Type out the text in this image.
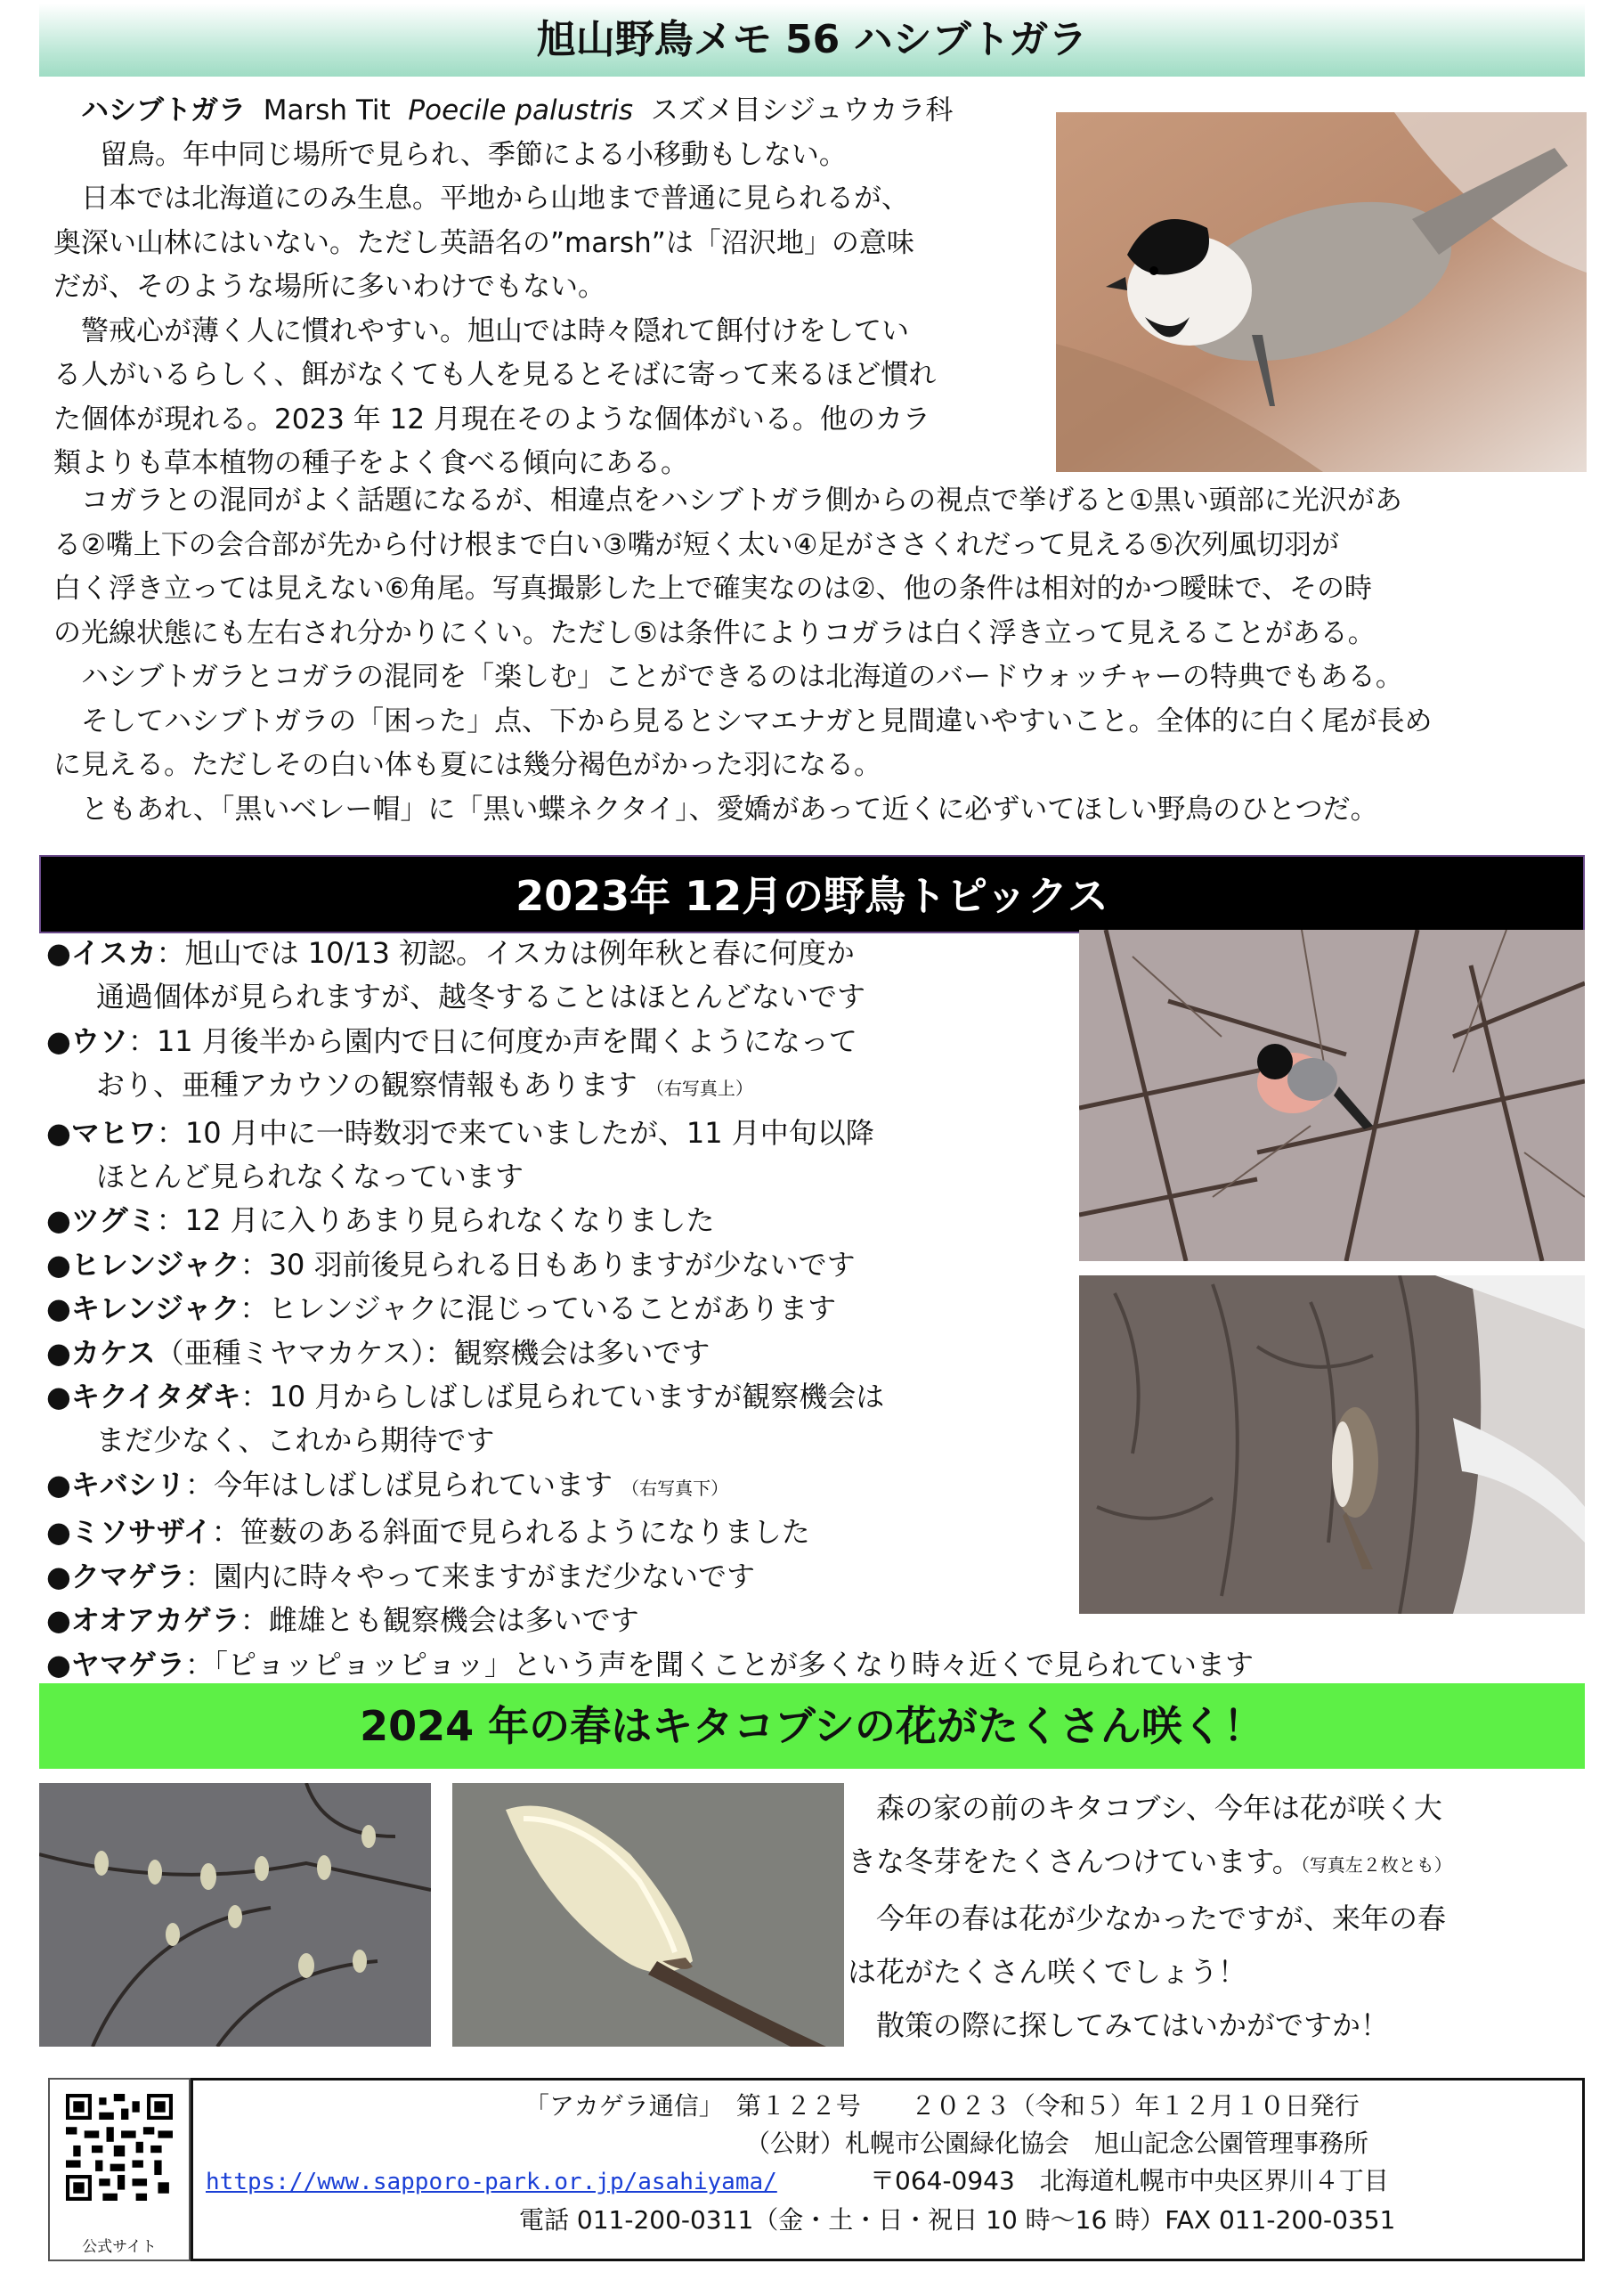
旭山野鳥メモ 56 ハシブトガラ

　ハシブトガラ Marsh Tit Poecile palustris スズメ目シジュウカラ科

留鳥。年中同じ場所で見られ、季節による小移動もしない。

　日本では北海道にのみ生息。平地から山地まで普通に見られるが、

奥深い山林にはいない。ただし英語名の”marsh”は「沼沢地」の意味

だが、そのような場所に多いわけでもない。

　警戒心が薄く人に慣れやすい。旭山では時々隠れて餌付けをしてい

る人がいるらしく、餌がなくても人を見るとそばに寄って来るほど慣れ

た個体が現れる。2023 年 12 月現在そのような個体がいる。他のカラ

類よりも草本植物の種子をよく食べる傾向にある。

　コガラとの混同がよく話題になるが、相違点をハシブトガラ側からの視点で挙げると①黒い頭部に光沢があ

る②嘴上下の会合部が先から付け根まで白い③嘴が短く太い④足がささくれだって見える⑤次列風切羽が

白く浮き立っては見えない⑥角尾。写真撮影した上で確実なのは②、他の条件は相対的かつ曖昧で、その時

の光線状態にも左右され分かりにくい。ただし⑤は条件によりコガラは白く浮き立って見えることがある。

　ハシブトガラとコガラの混同を「楽しむ」ことができるのは北海道のバードウォッチャーの特典でもある。

　そしてハシブトガラの「困った」点、下から見るとシマエナガと見間違いやすいこと。全体的に白く尾が長め

に見える。ただしその白い体も夏には幾分褐色がかった羽になる。

　ともあれ、「黒いベレー帽」に「黒い蝶ネクタイ」、愛嬌があって近くに必ずいてほしい野鳥のひとつだ。

2023年 12月の野鳥トピックス
●イスカ：旭山では 10/13 初認。イスカは例年秋と春に何度か
通過個体が見られますが、越冬することはほとんどないです
●ウソ：11 月後半から園内で日に何度か声を聞くようになって
おり、亜種アカウソの観察情報もあります （右写真上）
●マヒワ：10 月中に一時数羽で来ていましたが、11 月中旬以降
ほとんど見られなくなっています
●ツグミ：12 月に入りあまり見られなくなりました
●ヒレンジャク：30 羽前後見られる日もありますが少ないです
●キレンジャク：ヒレンジャクに混じっていることがあります
●カケス（亜種ミヤマカケス）：観察機会は多いです
●キクイタダキ：10 月からしばしば見られていますが観察機会は
まだ少なく、これから期待です
●キバシリ：今年はしばしば見られています （右写真下）
●ミソサザイ：笹薮のある斜面で見られるようになりました
●クマゲラ：園内に時々やって来ますがまだ少ないです
●オオアカゲラ：雌雄とも観察機会は多いです
●ヤマゲラ：「ピョッピョッピョッ」という声を聞くことが多くなり時々近くで見られています
2024 年の春はキタコブシの花がたくさん咲く！

　森の家の前のキタコブシ、今年は花が咲く大

きな冬芽をたくさんつけています。（写真左２枚とも）

　今年の春は花が少なかったですが、来年の春

は花がたくさん咲くでしょう！

　散策の際に探してみてはいかがですか！

公式サイト
「アカゲラ通信」　第１２２号　　２０２３（令和５）年１２月１０日発行
（公財）札幌市公園緑化協会　旭山記念公園管理事務所
https://www.sapporo-park.or.jp/asahiyama/	〒064-0943　北海道札幌市中央区界川４丁目
電話 011-200-0311（金・土・日・祝日 10 時～16 時）FAX 011-200-0351
